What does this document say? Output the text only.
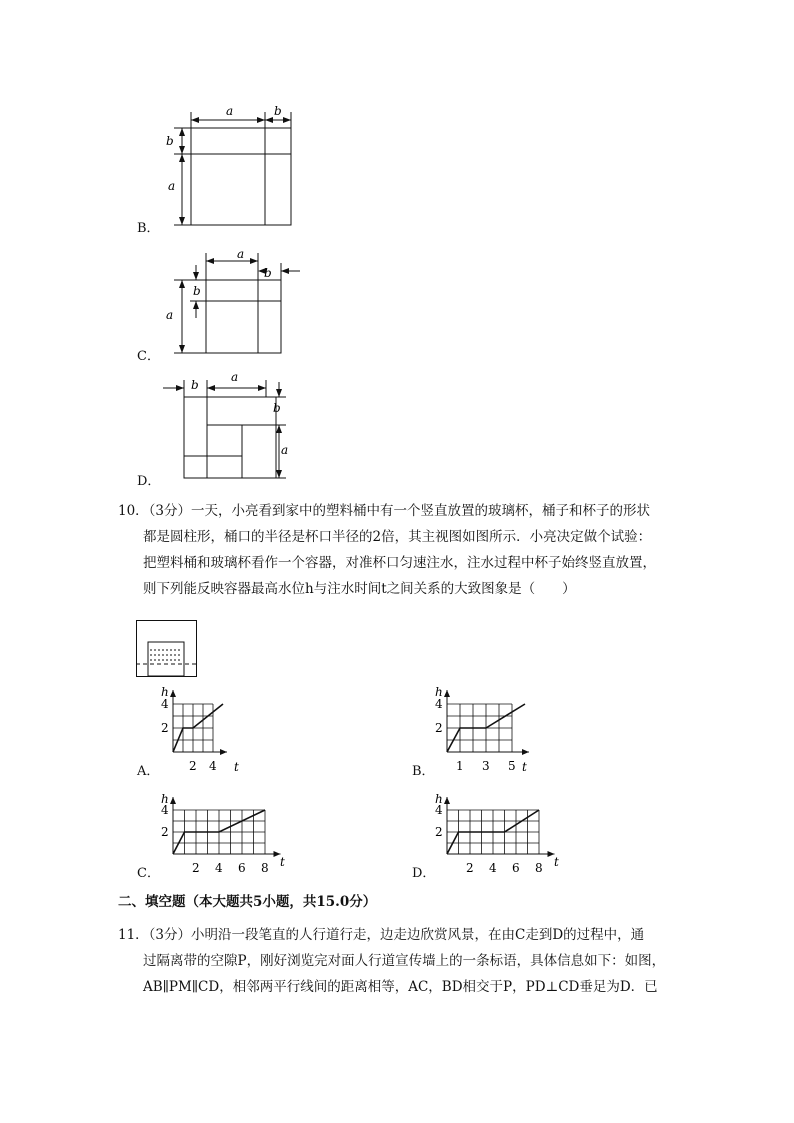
a	b
b
a
B．
a
b
b
a
C．
b
a
b
a
D．
10．（3分）一天，小亮看到家中的塑料桶中有一个竖直放置的玻璃杯，桶子和杯子的形状
都是圆柱形，桶口的半径是杯口半径的2倍，其主视图如图所示．小亮决定做个试验：
把塑料桶和玻璃杯看作一个容器，对准杯口匀速注水，注水过程中杯子始终竖直放置，
则下列能反映容器最高水位h与注水时间t之间关系的大致图象是（　　）
A．
h
t
2
4
2 4	B．
h
t
2
4
1 3 5
C．
h
t
2
4
2 4 6 8	D．
h
t
2
4
2 4 6 8
二、填空题（本大题共5小题，共15.0分）
11．（3分）小明沿一段笔直的人行道行走，边走边欣赏风景，在由C走到D的过程中，通
过隔离带的空隙P，刚好浏览完对面人行道宣传墙上的一条标语，具体信息如下：如图，
AB∥PM∥CD，相邻两平行线间的距离相等，AC，BD相交于P，PD⊥CD垂足为D．已
